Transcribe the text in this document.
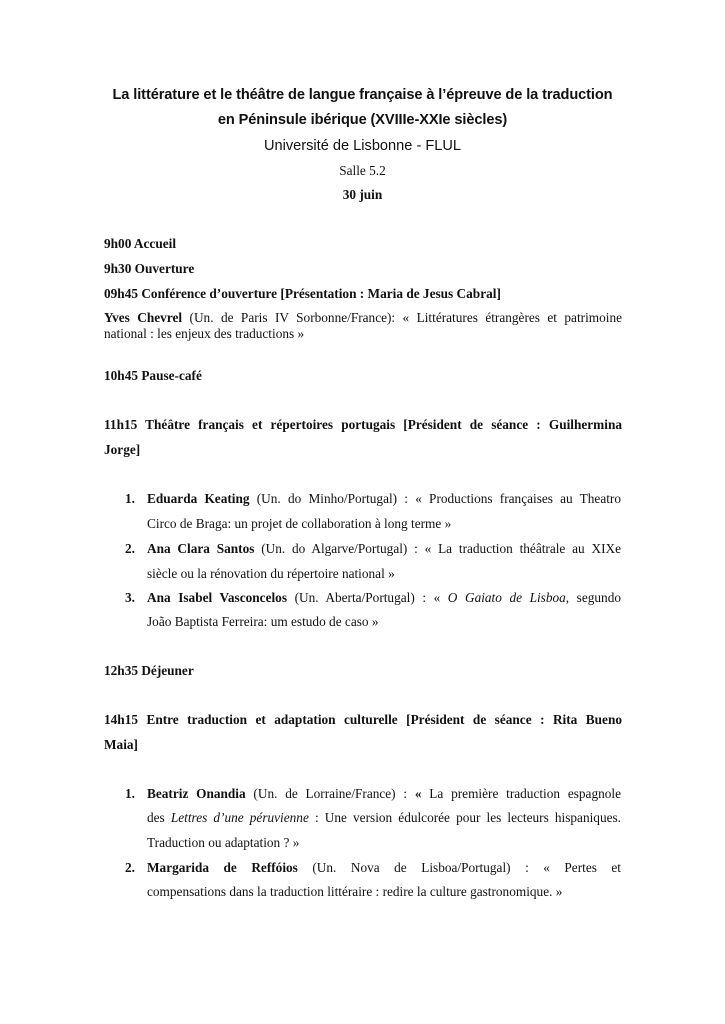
La littérature et le théâtre de langue française à l’épreuve de la traduction
en Péninsule ibérique (XVIIIe-XXIe siècles)
Université de Lisbonne - FLUL
Salle 5.2
30 juin
9h00 Accueil
9h30 Ouverture
09h45 Conférence d’ouverture [Présentation : Maria de Jesus Cabral]
Yves Chevrel (Un. de Paris IV Sorbonne/France): « Littératures étrangères et patrimoine
national : les enjeux des traductions »
10h45 Pause-café
11h15 Théâtre français et répertoires portugais [Président de séance : Guilhermina
Jorge]
1. Eduarda Keating (Un. do Minho/Portugal) : « Productions françaises au Theatro
Circo de Braga: un projet de collaboration à long terme »
2. Ana Clara Santos (Un. do Algarve/Portugal) : « La traduction théâtrale au XIXe
siècle ou la rénovation du répertoire national »
3. Ana Isabel Vasconcelos (Un. Aberta/Portugal) : « O Gaiato de Lisboa, segundo
João Baptista Ferreira: um estudo de caso »
12h35 Déjeuner
14h15 Entre traduction et adaptation culturelle [Président de séance : Rita Bueno
Maia]
1. Beatriz Onandia (Un. de Lorraine/France) : « La première traduction espagnole
des Lettres d’une péruvienne : Une version édulcorée pour les lecteurs hispaniques.
Traduction ou adaptation ? »
2. Margarida de Reffóios (Un. Nova de Lisboa/Portugal) : « Pertes et
compensations dans la traduction littéraire : redire la culture gastronomique. »
